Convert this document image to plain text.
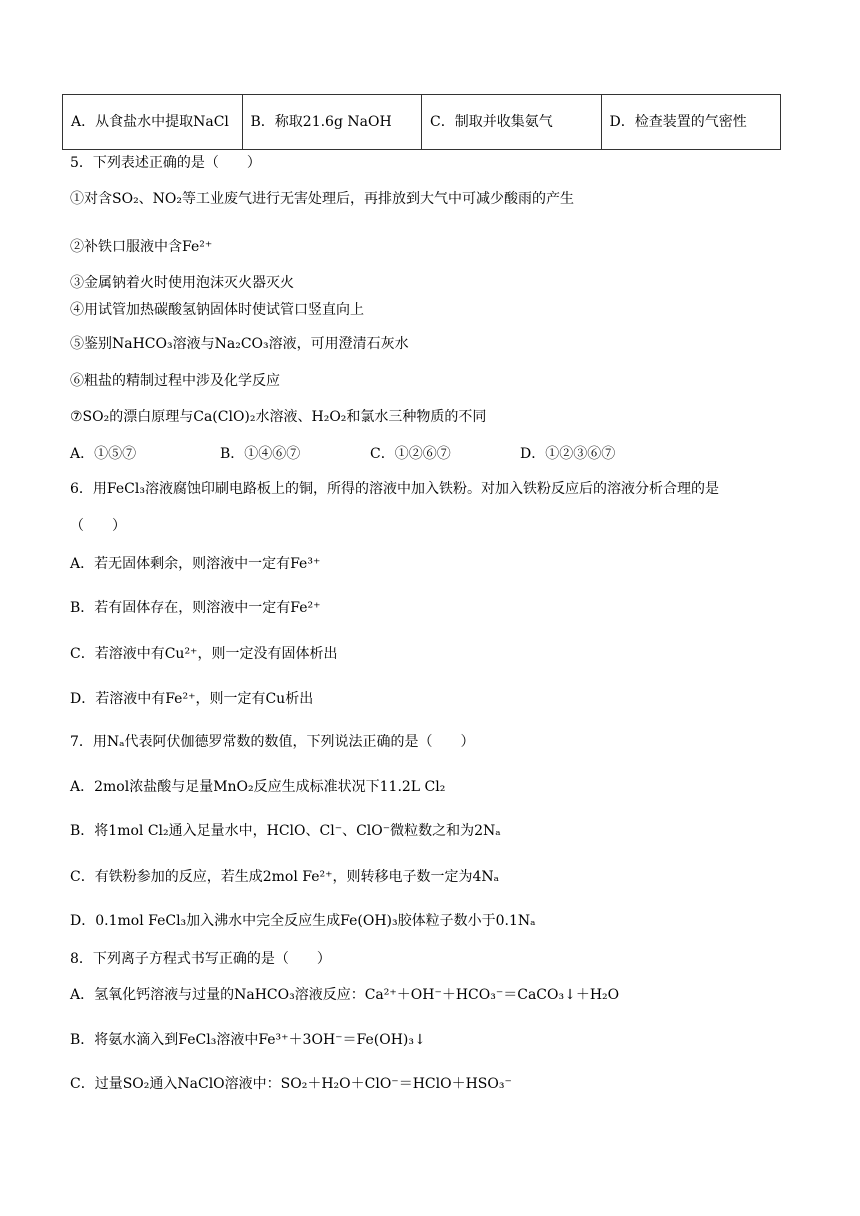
A．从食盐水中提取NaCl	B．称取21.6g NaOH	C．制取并收集氨气	D．检查装置的气密性
5．下列表述正确的是（　　）
①对含SO₂、NO₂等工业废气进行无害处理后，再排放到大气中可减少酸雨的产生
②补铁口服液中含Fe²⁺
③金属钠着火时使用泡沫灭火器灭火
④用试管加热碳酸氢钠固体时使试管口竖直向上
⑤鉴别NaHCO₃溶液与Na₂CO₃溶液，可用澄清石灰水
⑥粗盐的精制过程中涉及化学反应
⑦SO₂的漂白原理与Ca(ClO)₂水溶液、H₂O₂和氯水三种物质的不同
A．①⑤⑦	B．①④⑥⑦	C．①②⑥⑦	D．①②③⑥⑦
6．用FeCl₃溶液腐蚀印刷电路板上的铜，所得的溶液中加入铁粉。对加入铁粉反应后的溶液分析合理的是
（　　）
A．若无固体剩余，则溶液中一定有Fe³⁺
B．若有固体存在，则溶液中一定有Fe²⁺
C．若溶液中有Cu²⁺，则一定没有固体析出
D．若溶液中有Fe²⁺，则一定有Cu析出
7．用Nₐ代表阿伏伽德罗常数的数值，下列说法正确的是（　　）
A．2mol浓盐酸与足量MnO₂反应生成标准状况下11.2L Cl₂
B．将1mol Cl₂通入足量水中，HClO、Cl⁻、ClO⁻微粒数之和为2Nₐ
C．有铁粉参加的反应，若生成2mol Fe²⁺，则转移电子数一定为4Nₐ
D．0.1mol FeCl₃加入沸水中完全反应生成Fe(OH)₃胶体粒子数小于0.1Nₐ
8．下列离子方程式书写正确的是（　　）
A．氢氧化钙溶液与过量的NaHCO₃溶液反应：Ca²⁺＋OH⁻＋HCO₃⁻＝CaCO₃↓＋H₂O
B．将氨水滴入到FeCl₃溶液中Fe³⁺＋3OH⁻＝Fe(OH)₃↓
C．过量SO₂通入NaClO溶液中：SO₂＋H₂O＋ClO⁻＝HClO＋HSO₃⁻
